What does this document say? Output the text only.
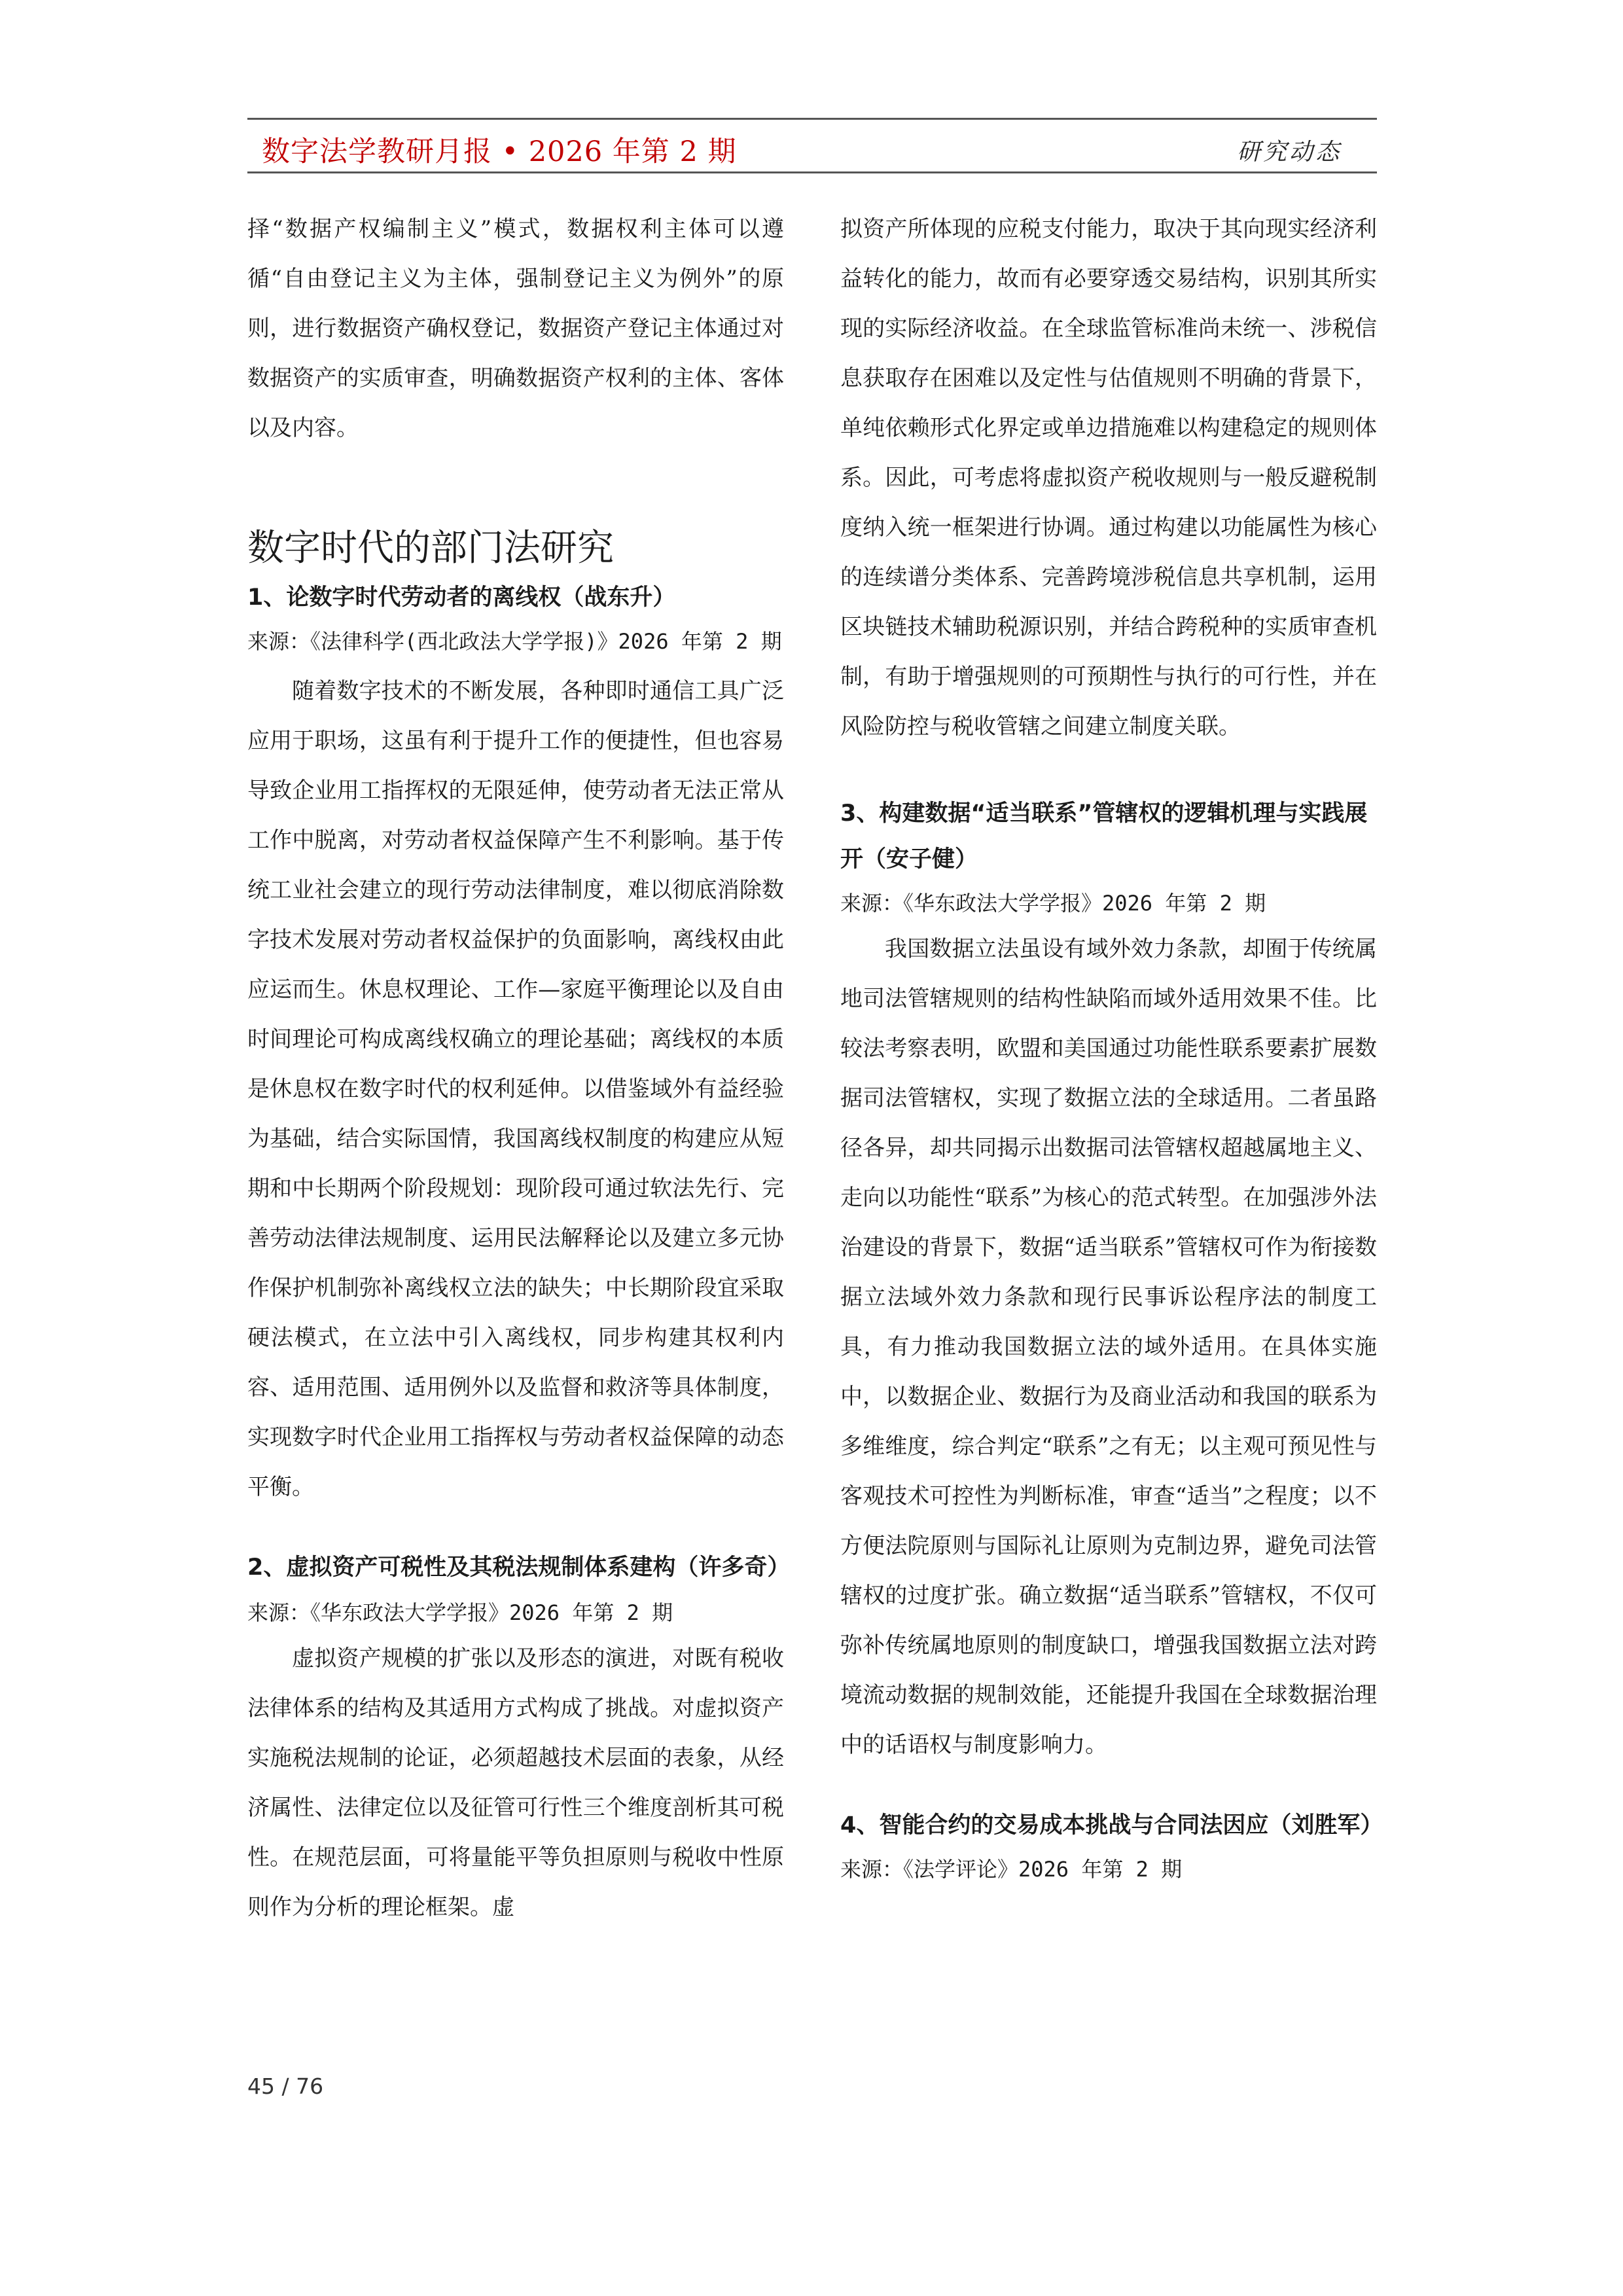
数字法学教研月报 • 2026 年第 2 期	研究动态

择“数据产权编制主义”模式，数据权利主体可以遵循“自由登记主义为主体，强制登记主义为例外”的原则，进行数据资产确权登记，数据资产登记主体通过对数据资产的实质审查，明确数据资产权利的主体、客体以及内容。

数字时代的部门法研究

1、论数字时代劳动者的离线权（战东升）

来源：《法律科学(西北政法大学学报)》2026 年第 2 期

随着数字技术的不断发展，各种即时通信工具广泛应用于职场，这虽有利于提升工作的便捷性，但也容易导致企业用工指挥权的无限延伸，使劳动者无法正常从工作中脱离，对劳动者权益保障产生不利影响。基于传统工业社会建立的现行劳动法律制度，难以彻底消除数字技术发展对劳动者权益保护的负面影响，离线权由此应运而生。休息权理论、工作—家庭平衡理论以及自由时间理论可构成离线权确立的理论基础；离线权的本质是休息权在数字时代的权利延伸。以借鉴域外有益经验为基础，结合实际国情，我国离线权制度的构建应从短期和中长期两个阶段规划：现阶段可通过软法先行、完善劳动法律法规制度、运用民法解释论以及建立多元协作保护机制弥补离线权立法的缺失；中长期阶段宜采取硬法模式，在立法中引入离线权，同步构建其权利内容、适用范围、适用例外以及监督和救济等具体制度，实现数字时代企业用工指挥权与劳动者权益保障的动态平衡。

2、虚拟资产可税性及其税法规制体系建构（许多奇）

来源：《华东政法大学学报》2026 年第 2 期

虚拟资产规模的扩张以及形态的演进，对既有税收法律体系的结构及其适用方式构成了挑战。对虚拟资产实施税法规制的论证，必须超越技术层面的表象，从经济属性、法律定位以及征管可行性三个维度剖析其可税性。在规范层面，可将量能平等负担原则与税收中性原则作为分析的理论框架。虚

拟资产所体现的应税支付能力，取决于其向现实经济利益转化的能力，故而有必要穿透交易结构，识别其所实现的实际经济收益。在全球监管标准尚未统一、涉税信息获取存在困难以及定性与估值规则不明确的背景下，单纯依赖形式化界定或单边措施难以构建稳定的规则体系。因此，可考虑将虚拟资产税收规则与一般反避税制度纳入统一框架进行协调。通过构建以功能属性为核心的连续谱分类体系、完善跨境涉税信息共享机制，运用区块链技术辅助税源识别，并结合跨税种的实质审查机制，有助于增强规则的可预期性与执行的可行性，并在风险防控与税收管辖之间建立制度关联。

3、构建数据“适当联系”管辖权的逻辑机理与实践展开（安子健）

来源：《华东政法大学学报》2026 年第 2 期

我国数据立法虽设有域外效力条款，却囿于传统属地司法管辖规则的结构性缺陷而域外适用效果不佳。比较法考察表明，欧盟和美国通过功能性联系要素扩展数据司法管辖权，实现了数据立法的全球适用。二者虽路径各异，却共同揭示出数据司法管辖权超越属地主义、走向以功能性“联系”为核心的范式转型。在加强涉外法治建设的背景下，数据“适当联系”管辖权可作为衔接数据立法域外效力条款和现行民事诉讼程序法的制度工具，有力推动我国数据立法的域外适用。在具体实施中，以数据企业、数据行为及商业活动和我国的联系为多维维度，综合判定“联系”之有无；以主观可预见性与客观技术可控性为判断标准，审查“适当”之程度；以不方便法院原则与国际礼让原则为克制边界，避免司法管辖权的过度扩张。确立数据“适当联系”管辖权，不仅可弥补传统属地原则的制度缺口，增强我国数据立法对跨境流动数据的规制效能，还能提升我国在全球数据治理中的话语权与制度影响力。

4、智能合约的交易成本挑战与合同法因应（刘胜军）

来源：《法学评论》2026 年第 2 期

45 / 76
